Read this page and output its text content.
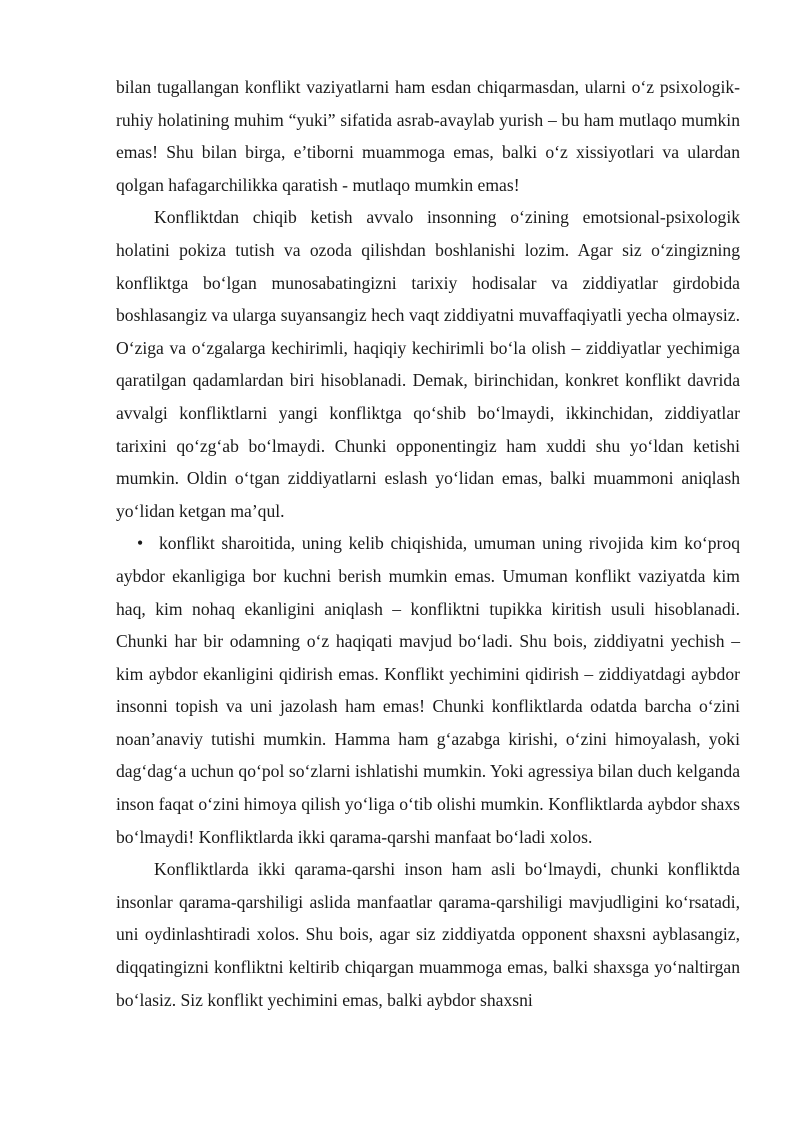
bilan tugallangan konflikt vaziyatlarni ham esdan chiqarmasdan, ularni o‘z psixologik-ruhiy holatining muhim “yuki” sifatida asrab-avaylab yurish – bu ham mutlaqo mumkin emas! Shu bilan birga, e’tiborni muammoga emas, balki o‘z xissiyotlari va ulardan qolgan hafagarchilikka qaratish - mutlaqo mumkin emas!

Konfliktdan chiqib ketish avvalo insonning o‘zining emotsional-psixologik holatini pokiza tutish va ozoda qilishdan boshlanishi lozim. Agar siz o‘zingizning konfliktga bo‘lgan munosabatingizni tarixiy hodisalar va ziddiyatlar girdobida boshlasangiz va ularga suyansangiz hech vaqt ziddiyatni muvaffaqiyatli yecha olmaysiz. O‘ziga va o‘zgalarga kechirimli, haqiqiy kechirimli bo‘la olish – ziddiyatlar yechimiga qaratilgan qadamlardan biri hisoblanadi. Demak, birinchidan, konkret konflikt davrida avvalgi konfliktlarni yangi konfliktga qo‘shib bo‘lmaydi, ikkinchidan, ziddiyatlar tarixini qo‘zg‘ab bo‘lmaydi. Chunki opponentingiz ham xuddi shu yo‘ldan ketishi mumkin. Oldin o‘tgan ziddiyatlarni eslash yo‘lidan emas, balki muammoni aniqlash yo‘lidan ketgan ma’qul.

• konflikt sharoitida, uning kelib chiqishida, umuman uning rivojida kim ko‘proq aybdor ekanligiga bor kuchni berish mumkin emas. Umuman konflikt vaziyatda kim haq, kim nohaq ekanligini aniqlash – konfliktni tupikka kiritish usuli hisoblanadi. Chunki har bir odamning o‘z haqiqati mavjud bo‘ladi. Shu bois, ziddiyatni yechish – kim aybdor ekanligini qidirish emas. Konflikt yechimini qidirish – ziddiyatdagi aybdor insonni topish va uni jazolash ham emas! Chunki konfliktlarda odatda barcha o‘zini noan’anaviy tutishi mumkin. Hamma ham g‘azabga kirishi, o‘zini himoyalash, yoki dag‘dag‘a uchun qo‘pol so‘zlarni ishlatishi mumkin. Yoki agressiya bilan duch kelganda inson faqat o‘zini himoya qilish yo‘liga o‘tib olishi mumkin. Konfliktlarda aybdor shaxs bo‘lmaydi! Konfliktlarda ikki qarama-qarshi manfaat bo‘ladi xolos.

Konfliktlarda ikki qarama-qarshi inson ham asli bo‘lmaydi, chunki konfliktda insonlar qarama-qarshiligi aslida manfaatlar qarama-qarshiligi mavjudligini ko‘rsatadi, uni oydinlashtiradi xolos. Shu bois, agar siz ziddiyatda opponent shaxsni ayblasangiz, diqqatingizni konfliktni keltirib chiqargan muammoga emas, balki shaxsga yo‘naltirgan bo‘lasiz. Siz konflikt yechimini emas, balki aybdor shaxsni
